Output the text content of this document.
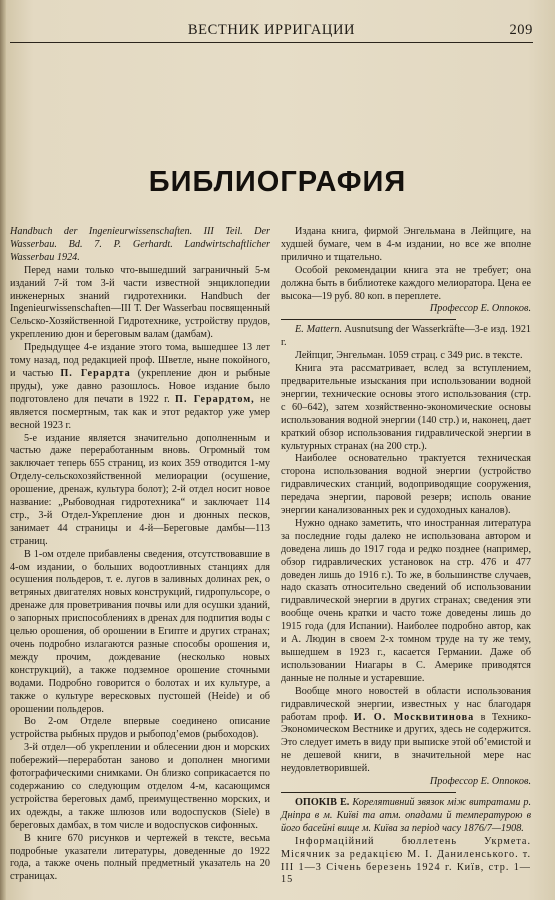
ВЕСТНИК ИРРИГАЦИИ	209
БИБЛИОГРАФИЯ

Handbuch der Ingenieurwissenschaften. III Teil. Der Wasserbau. Bd. 7. P. Gerhardt. Landwirtschaftlicher Wasserbau 1924.

Перед нами только что-вышедший заграничный 5-м изданий 7-й том 3-й части известной энциклопедии инженерных знаний гидротехники. Handbuch der Ingenieurwissenschaften—III Т. Der Wasserbau посвященный Сельско-Хозяйственной Гидротехнике, устройству прудов, укреплению дюн и береговым валам (дамбам).

Предыдущее 4-е издание этого тома, вышедшее 13 лет тому назад, под редакцией проф. Шветле, ныне покойного, и частью П. Герардта (укрепление дюн и рыбные пруды), уже давно разошлось. Новое издание было подготовлено для печати в 1922 г. П. Герардтом, не является посмертным, так как и этот редактор уже умер весной 1923 г.

5-е издание является значительно дополненным и частью даже переработанным вновь. Огромный том заключает теперь 655 страниц, из коих 359 отводится 1-му Отделу-сельскохозяйственной мелиорации (осушение, орошение, дренаж, культура болот); 2-й отдел носит новое название: „Рыбоводная гидротехника“ и заключает 114 стр., 3-й Отдел-Укрепление дюн и дюнных песков, занимает 44 страницы и 4-й—Береговые дамбы—113 страниц.

В 1-ом отделе прибавлены сведения, отсутствовавшие в 4-ом издании, о больших водоотливных станциях для осушения польдеров, т. е. лугов в заливных долинах рек, о ветряных двигателях новых конструкций, гидропульсоре, о дренаже для проветривания почвы или для осушки зданий, о запорных приспособлениях в дренах для подпития воды с целью орошения, об орошении в Египте и других странах; очень подробно излагаются разные способы орошения и, между прочим, дождевание (несколько новых конструкций), а также подземное орошение сточными водами. Подробно говорится о болотах и их культуре, а также о культуре вересковых пустошей (Heide) и об орошении польдеров.

Во 2-ом Отделе впервые соединено описание устройства рыбных прудов и рыбопод’емов (рыбоходов).

3-й отдел—об укреплении и облесении дюн и морских побережий—переработан заново и дополнен многими фотографическими снимками. Он близко соприкасается по содержанию со следующим отделом 4-м, касающимся устройства береговых дамб, преимущественно морских, и их одежды, а также шлюзов или водоспусков (Siele) в береговых дамбах, в том числе и водоспусков сифонных.

В книге 670 рисунков и чертежей в тексте, весьма подробные указатели литературы, доведенные до 1922 года, а также очень полный предметный указатель на 20 страницах.

Издана книга, фирмой Энгельмана в Лейпциге, на худшей бумаге, чем в 4-м издании, но все же вполне прилично и тщательно.

Особой рекомендации книга эта не требует; она должна быть в библиотеке каждого мелиоратора. Цена ее высока—19 руб. 80 коп. в переплете.

Профессор Е. Оппоков.

E. Mattern. Ausnutsung der Wasserkräfte—3-e изд. 1921 г.

Лейпциг, Энгельман. 1059 страц. с 349 рис. в тексте.

Книга эта рассматривает, вслед за вступлением, предварительные изыскания при использовании водной энергии, технические основы этого использования (стр. с 60–642), затем хозяйственно-экономические основы использования водной энергии (140 стр.) и, наконец, дает краткий обзор использования гидравлической энергии в культурных странах (на 200 стр.).

Наиболее основательно трактуется техническая сторона использования водной энергии (устройство гидравлических станций, водоприводящие сооружения, передача энергии, паровой резерв; исполь ование энергии канализованных рек и судоходных каналов).

Нужно однако заметить, что иностранная литература за последние годы далеко не использована автором и доведена лишь до 1917 года и редко позднее (например, обзор гидравлических установок на стр. 476 и 477 доведен лишь до 1916 г.). То же, в большинстве случаев, надо сказать относительно сведений об использовании гидравлической энергии в других странах; сведения эти вообще очень кратки и часто тоже доведены лишь до 1915 года (для Испании). Наиболее подробно автор, как и А. Людин в своем 2-х томном труде на ту же тему, вышедшем в 1923 г., касается Германии. Даже об использовании Ниагары в С. Америке приводятся данные не полные и устаревшие.

Вообще много новостей в области использования гидравлической энергии, известных у нас благодаря работам проф. И. О. Москвитинова в Технико-Экономическом Вестнике и других, здесь не содержится. Это следует иметь в виду при выписке этой об’емистой и не дешевой книги, в значительной мере нас неудовлетворившей.

Профессор Е. Оппоков.

ОПОКІВ Е. Корелятивний звязок між витратами р. Дніпра в м. Київі та атм. опадами й температурою в його басейні вище м. Київа за період часу 1876/7—1908.

Інформаційний бюллетень Укрмета. Місячник за редакцією М. І. Даниленського. т. III 1—3 Січень березень 1924 г. Київ, стр. 1—15
